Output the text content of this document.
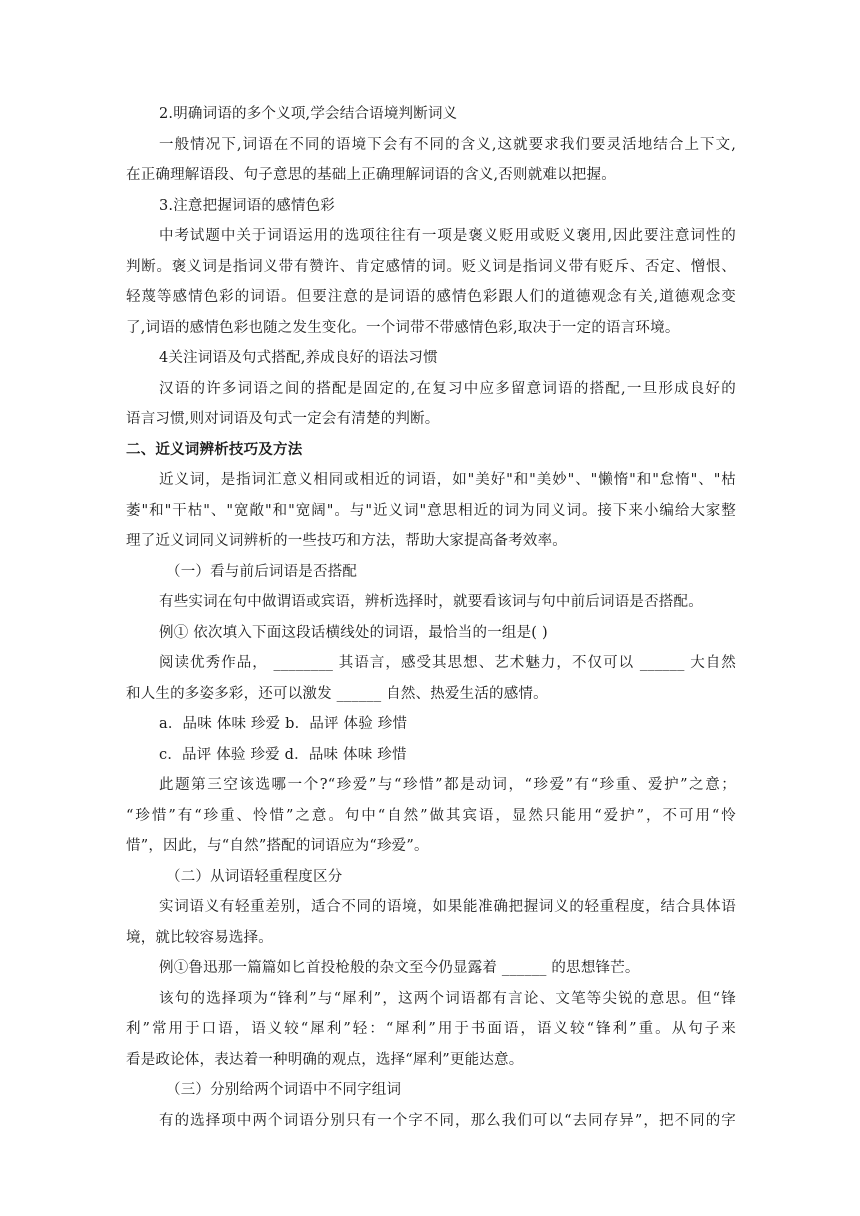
2.明确词语的多个义项,学会结合语境判断词义
一般情况下,词语在不同的语境下会有不同的含义,这就要求我们要灵活地结合上下文,
在正确理解语段、句子意思的基础上正确理解词语的含义,否则就难以把握。
3.注意把握词语的感情色彩
中考试题中关于词语运用的选项往往有一项是褒义贬用或贬义褒用,因此要注意词性的
判断。褒义词是指词义带有赞许、肯定感情的词。贬义词是指词义带有贬斥、否定、憎恨、
轻蔑等感情色彩的词语。但要注意的是词语的感情色彩跟人们的道德观念有关,道德观念变
了,词语的感情色彩也随之发生变化。一个词带不带感情色彩,取决于一定的语言环境。
4关注词语及句式搭配,养成良好的语法习惯
汉语的许多词语之间的搭配是固定的,在复习中应多留意词语的搭配,一旦形成良好的
语言习惯,则对词语及句式一定会有清楚的判断。
二、近义词辨析技巧及方法
近义词，是指词汇意义相同或相近的词语，如"美好"和"美妙"、"懒惰"和"怠惰"、"枯
萎"和"干枯"、"宽敞"和"宽阔"。与"近义词"意思相近的词为同义词。接下来小编给大家整
理了近义词同义词辨析的一些技巧和方法，帮助大家提高备考效率。
（一）看与前后词语是否搭配
有些实词在句中做谓语或宾语，辨析选择时，就要看该词与句中前后词语是否搭配。
例① 依次填入下面这段话横线处的词语，最恰当的一组是( )
阅读优秀作品， ________ 其语言，感受其思想、艺术魅力，不仅可以 ______ 大自然
和人生的多姿多彩，还可以激发 ______ 自然、热爱生活的感情。
a．品味 体味 珍爱 b．品评 体验 珍惜
c．品评 体验 珍爱 d．品味 体味 珍惜
此题第三空该选哪一个?“珍爱”与“珍惜”都是动词，“珍爱”有“珍重、爱护”之意；
“珍惜”有“珍重、怜惜”之意。句中“自然”做其宾语，显然只能用“爱护”，不可用“怜
惜”，因此，与“自然”搭配的词语应为“珍爱”。
（二）从词语轻重程度区分
实词语义有轻重差别，适合不同的语境，如果能准确把握词义的轻重程度，结合具体语
境，就比较容易选择。
例①鲁迅那一篇篇如匕首投枪般的杂文至今仍显露着 ______ 的思想锋芒。
该句的选择项为“锋利”与“犀利”，这两个词语都有言论、文笔等尖锐的意思。但“锋
利”常用于口语，语义较“犀利”轻：“犀利”用于书面语，语义较“锋利”重。从句子来
看是政论体，表达着一种明确的观点，选择“犀利”更能达意。
（三）分别给两个词语中不同字组词
有的选择项中两个词语分别只有一个字不同，那么我们可以“去同存异”，把不同的字
